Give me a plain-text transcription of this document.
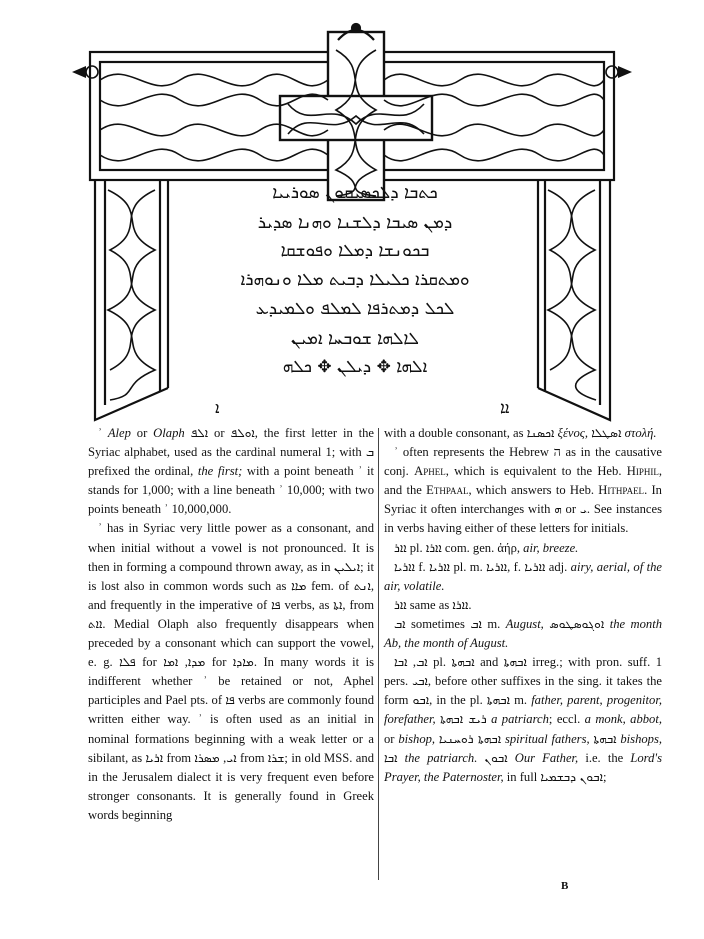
ܟܬܒܐ ܕܠܟܣܝܩܘܢ ܣܘܪܝܝܐ
ܕܡܢ ܣܝܒܐ ܕܠܫܢܐ ܘܗܢܐ ܣܕܝܪ
ܒܟܘܢܫܐ ܕܡܠܐ ܘܦܘܫܩܐ
ܘܡܬܩܪܐ ܟܠܝܠܐ ܕܒܝܬ ܡܠܐ ܘܢܘܗܪܐ
ܠܟܠ ܕܡܬܪܦܐ ܠܡܠܦ ܘܠܡܝܕܥ
ܠܐܠܗܐ ܫܘܒܚܐ ܐܡܝܢ
ܐܠܗܐ ✥ ܕܝܠܢ ✥ ܟܠܗ
ܐ	ܐܐ

ʾ Alep or Olaph ܐܠܦ or ܐܘܠܦ, the first letter in the Syriac alphabet, used as the cardinal numeral 1; with ܒ prefixed the ordinal, the first; with a point beneath ʾ it stands for 1,000; with a line beneath ʾ 10,000; with two points beneath ʾ 10,000,000.

ʾ has in Syriac very little power as a consonant, and when initial without a vowel is not pronounced. It is then in forming a compound thrown away, as in ܐܝܠܝܢ; it is lost also in common words such as ܡܐܐ fem. of ܐܢܬ, and frequently in the imperative of ܦܐ verbs, as ܐܬܐ, from ܐܐܬ. Medial Olaph also frequently disappears when preceded by a consonant which can support the vowel, e. g. ܦܠܐ for ܡܕܐ, ܐܡܐ for ܡܐܕܐ. In many words it is indifferent whether ʾ be retained or not, Aphel participles and Pael pts. of ܦܐ verbs are commonly found written either way. ʾ is often used as an initial in nominal formations beginning with a weak letter or a sibilant, as ܐܪܝܐ from	ܐܝ, ܡܣܪܐ from ܫܪܐ; in old MSS. and in the Jerusalem dialect it is very frequent even before stronger consonants. It is generally found in Greek words beginning

with a double consonant, as ܐܟܣܢܐ ξένος, ܐܣܛܠܐ στολή.

ʾ often represents the Hebrew ה as in the causative conj. Aphel, which is equivalent to the Heb. Hiphil, and the Ethpaal, which answers to Heb. Hithpael. In Syriac it often interchanges with ܗ or ܝ. See instances in verbs having either of these letters for initials.

ܐܐܪ pl. ܐܐܪܐ com. gen. ἀήρ, air, breeze.

ܐܐܪܝܐ f. ܐܐܪܝܐ pl. m. ܐܐܪܝܐ, f. ܐܐܪܝܐ adj. airy, aerial, of the air, volatile.

ܐܐܪ same as ܐܐܪܐ.

ܐܒ sometimes ܐܒ m. August, ܐܘܓܘܣܛܘܣ the month Ab, the month of August.

ܐܒ, ܐܒܐ pl. ܐܒܗܬܐ and ܐܒܗܬܐ irreg.; with pron. suff. 1 pers. ܐܒܝ, before other suffixes in the sing. it takes the form ܐܒܘ, in the pl. ܐܒܗܬܐ m. father, parent, progenitor, forefather, ܪܝܫ ܐܒܗܬܐ a patriarch; eccl. a monk, abbot, or bishop, ܐܒܗܬܐ ܪܘܚܢܝܐ spiritual fathers, ܐܒܗܬܐ bishops, ܐܒܐ the patriarch. ܐܒܘܢ Our Father, i.e. the Lord's Prayer, the Paternoster, in full ܐܒܘܢ ܕܒܫܡܝܐ;

B
